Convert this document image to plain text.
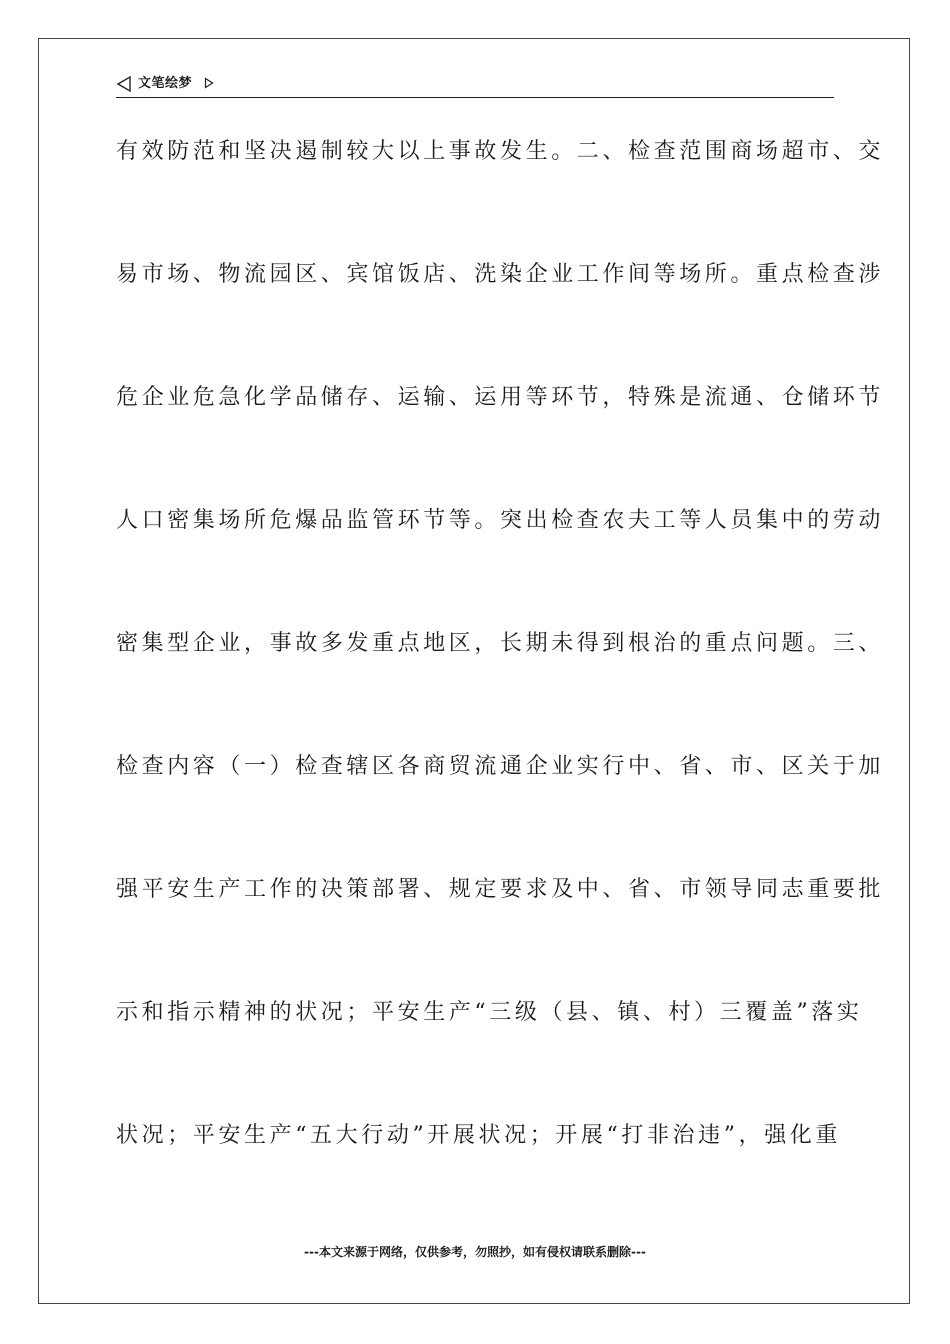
文笔绘梦
有效防范和坚决遏制较大以上事故发生。二、检查范围商场超市、交
易市场、物流园区、宾馆饭店、洗染企业工作间等场所。重点检查涉
危企业危急化学品储存、运输、运用等环节，特殊是流通、仓储环节
人口密集场所危爆品监管环节等。突出检查农夫工等人员集中的劳动
密集型企业，事故多发重点地区，长期未得到根治的重点问题。三、
检查内容（一）检查辖区各商贸流通企业实行中、省、市、区关于加
强平安生产工作的决策部署、规定要求及中、省、市领导同志重要批
示和指示精神的状况；平安生产“三级（县、镇、村）三覆盖”落实
状况；平安生产“五大行动”开展状况；开展“打非治违”，强化重
---本文来源于网络，仅供参考，勿照抄，如有侵权请联系删除---
